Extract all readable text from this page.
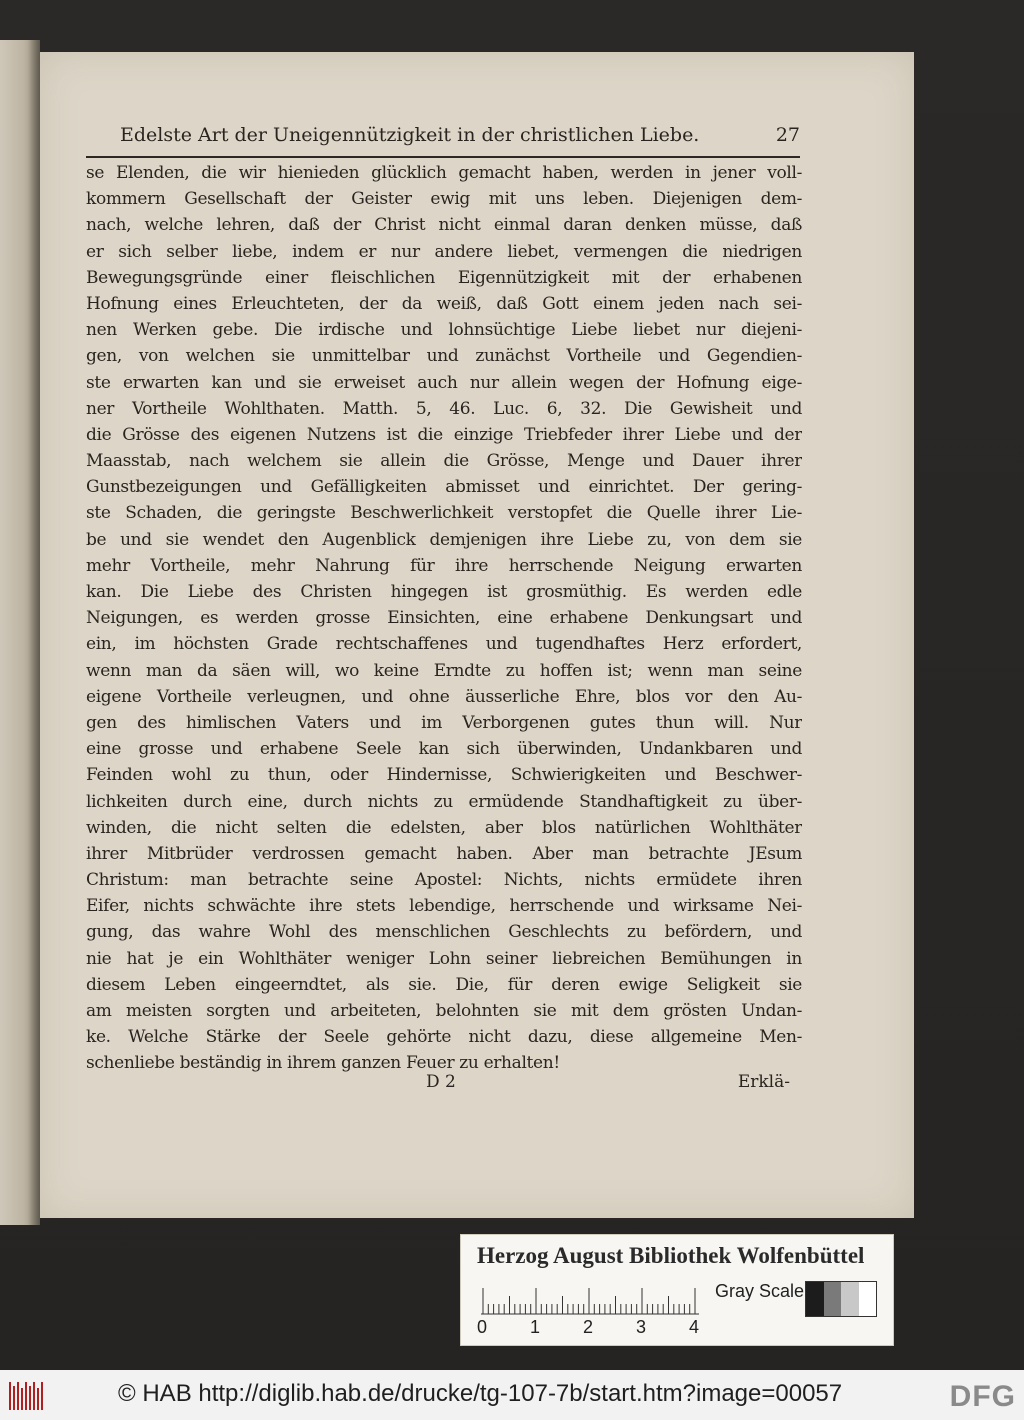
Edelste Art der Uneigennützigkeit in der christlichen Liebe.	27
se Elenden, die wir hienieden glücklich gemacht haben, werden in jener voll-
kommern Gesellschaft der Geister ewig mit uns leben. Diejenigen dem-
nach, welche lehren, daß der Christ nicht einmal daran denken müsse, daß
er sich selber liebe, indem er nur andere liebet, vermengen die niedrigen
Bewegungsgründe einer fleischlichen Eigennützigkeit mit der erhabenen
Hofnung eines Erleuchteten, der da weiß, daß Gott einem jeden nach sei-
nen Werken gebe. Die irdische und lohnsüchtige Liebe liebet nur diejeni-
gen, von welchen sie unmittelbar und zunächst Vortheile und Gegendien-
ste erwarten kan und sie erweiset auch nur allein wegen der Hofnung eige-
ner Vortheile Wohlthaten. Matth. 5, 46. Luc. 6, 32. Die Gewisheit und
die Grösse des eigenen Nutzens ist die einzige Triebfeder ihrer Liebe und der
Maasstab, nach welchem sie allein die Grösse, Menge und Dauer ihrer
Gunstbezeigungen und Gefälligkeiten abmisset und einrichtet. Der gering-
ste Schaden, die geringste Beschwerlichkeit verstopfet die Quelle ihrer Lie-
be und sie wendet den Augenblick demjenigen ihre Liebe zu, von dem sie
mehr Vortheile, mehr Nahrung für ihre herrschende Neigung erwarten
kan. Die Liebe des Christen hingegen ist grosmüthig. Es werden edle
Neigungen, es werden grosse Einsichten, eine erhabene Denkungsart und
ein, im höchsten Grade rechtschaffenes und tugendhaftes Herz erfordert,
wenn man da säen will, wo keine Erndte zu hoffen ist; wenn man seine
eigene Vortheile verleugnen, und ohne äusserliche Ehre, blos vor den Au-
gen des himlischen Vaters und im Verborgenen gutes thun will. Nur
eine grosse und erhabene Seele kan sich überwinden, Undankbaren und
Feinden wohl zu thun, oder Hindernisse, Schwierigkeiten und Beschwer-
lichkeiten durch eine, durch nichts zu ermüdende Standhaftigkeit zu über-
winden, die nicht selten die edelsten, aber blos natürlichen Wohlthäter
ihrer Mitbrüder verdrossen gemacht haben. Aber man betrachte JEsum
Christum: man betrachte seine Apostel: Nichts, nichts ermüdete ihren
Eifer, nichts schwächte ihre stets lebendige, herrschende und wirksame Nei-
gung, das wahre Wohl des menschlichen Geschlechts zu befördern, und
nie hat je ein Wohlthäter weniger Lohn seiner liebreichen Bemühungen in
diesem Leben eingeerndtet, als sie. Die, für deren ewige Seligkeit sie
am meisten sorgten und arbeiteten, belohnten sie mit dem grösten Undan-
ke. Welche Stärke der Seele gehörte nicht dazu, diese allgemeine Men-
schenliebe beständig in ihrem ganzen Feuer zu erhalten!
D 2	Erklä-
Herzog August Bibliothek Wolfenbüttel
0 1 2 3 4
Gray Scale
© HAB http://diglib.hab.de/drucke/tg-107-7b/start.htm?image=00057	DFG
